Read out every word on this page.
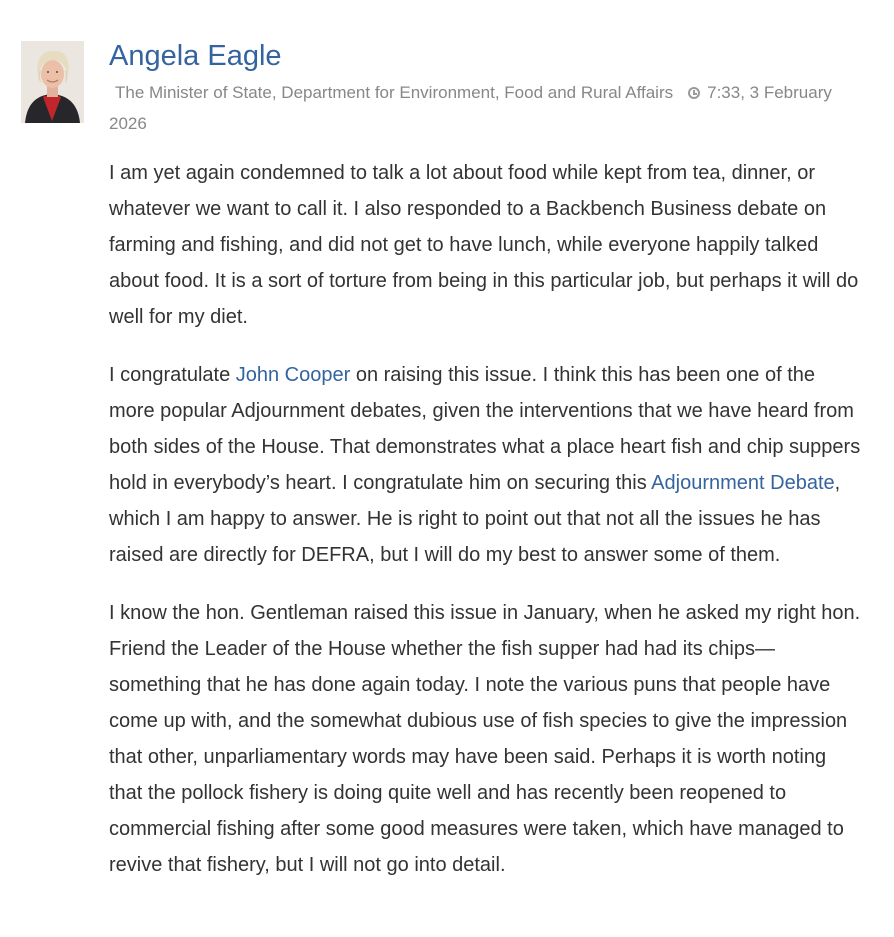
Angela Eagle
The Minister of State, Department for Environment, Food and Rural Affairs 7:33, 3 February 2026

I am yet again condemned to talk a lot about food while kept from tea, dinner, or whatever we want to call it. I also responded to a Backbench Business debate on farming and fishing, and did not get to have lunch, while everyone happily talked about food. It is a sort of torture from being in this particular job, but perhaps it will do well for my diet.

I congratulate John Cooper on raising this issue. I think this has been one of the more popular Adjournment debates, given the interventions that we have heard from both sides of the House. That demonstrates what a place heart fish and chip suppers hold in everybody’s heart. I congratulate him on securing this Adjournment Debate, which I am happy to answer. He is right to point out that not all the issues he has raised are directly for DEFRA, but I will do my best to answer some of them.

I know the hon. Gentleman raised this issue in January, when he asked my right hon. Friend the Leader of the House whether the fish supper had had its chips—something that he has done again today. I note the various puns that people have come up with, and the somewhat dubious use of fish species to give the impression that other, unparliamentary words may have been said. Perhaps it is worth noting that the pollock fishery is doing quite well and has recently been reopened to commercial fishing after some good measures were taken, which have managed to revive that fishery, but I will not go into detail.
